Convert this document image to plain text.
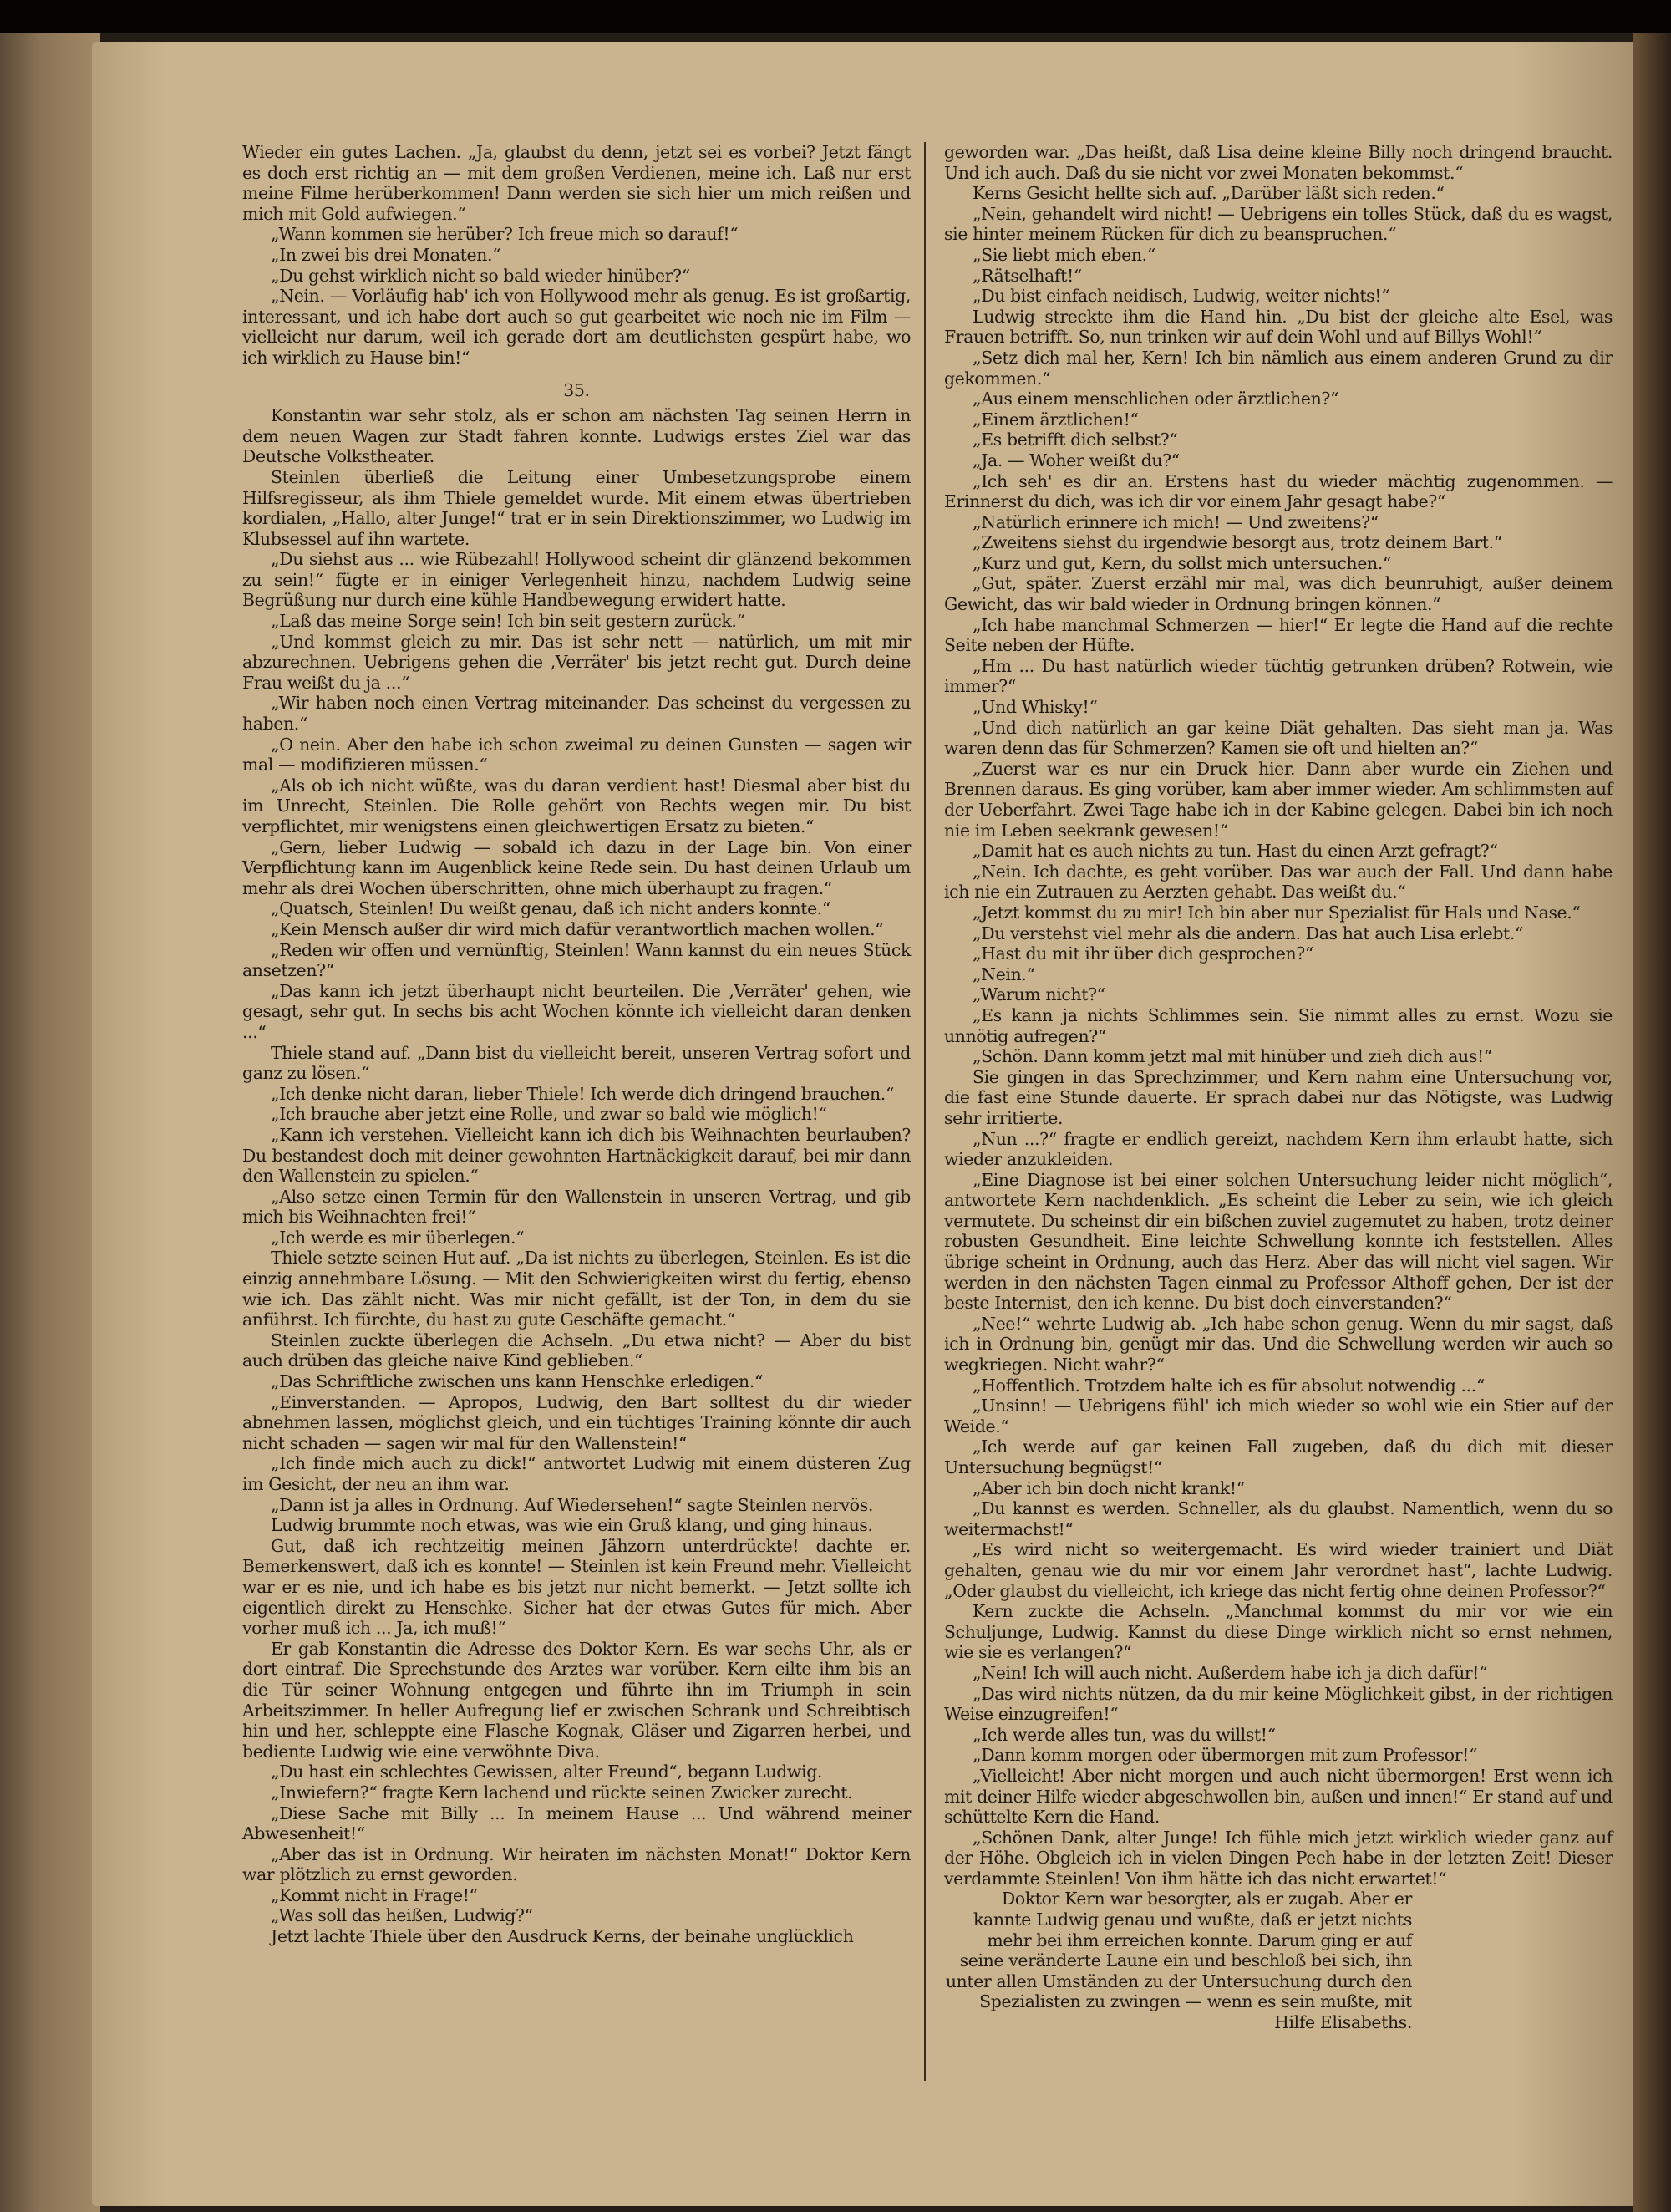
Wieder ein gutes Lachen. „Ja, glaubst du denn, jetzt sei es vorbei? Jetzt fängt es doch erst richtig an — mit dem großen Verdienen, meine ich. Laß nur erst meine Filme herüberkommen! Dann werden sie sich hier um mich reißen und mich mit Gold aufwiegen.“

„Wann kommen sie herüber? Ich freue mich so darauf!“

„In zwei bis drei Monaten.“

„Du gehst wirklich nicht so bald wieder hinüber?“

„Nein. — Vorläufig hab' ich von Hollywood mehr als genug. Es ist großartig, interessant, und ich habe dort auch so gut gearbeitet wie noch nie im Film — vielleicht nur darum, weil ich gerade dort am deutlichsten gespürt habe, wo ich wirklich zu Hause bin!“

35.

Konstantin war sehr stolz, als er schon am nächsten Tag seinen Herrn in dem neuen Wagen zur Stadt fahren konnte. Ludwigs erstes Ziel war das Deutsche Volkstheater.

Steinlen überließ die Leitung einer Umbesetzungsprobe einem Hilfsregisseur, als ihm Thiele gemeldet wurde. Mit einem etwas übertrieben kordialen, „Hallo, alter Junge!“ trat er in sein Direktionszimmer, wo Ludwig im Klubsessel auf ihn wartete.

„Du siehst aus ... wie Rübezahl! Hollywood scheint dir glänzend bekommen zu sein!“ fügte er in einiger Verlegenheit hinzu, nachdem Ludwig seine Begrüßung nur durch eine kühle Handbewegung erwidert hatte.

„Laß das meine Sorge sein! Ich bin seit gestern zurück.“

„Und kommst gleich zu mir. Das ist sehr nett — natürlich, um mit mir abzurechnen. Uebrigens gehen die ‚Verräter' bis jetzt recht gut. Durch deine Frau weißt du ja ...“

„Wir haben noch einen Vertrag miteinander. Das scheinst du vergessen zu haben.“

„O nein. Aber den habe ich schon zweimal zu deinen Gunsten — sagen wir mal — modifizieren müssen.“

„Als ob ich nicht wüßte, was du daran verdient hast! Diesmal aber bist du im Unrecht, Steinlen. Die Rolle gehört von Rechts wegen mir. Du bist verpflichtet, mir wenigstens einen gleichwertigen Ersatz zu bieten.“

„Gern, lieber Ludwig — sobald ich dazu in der Lage bin. Von einer Verpflichtung kann im Augenblick keine Rede sein. Du hast deinen Urlaub um mehr als drei Wochen überschritten, ohne mich überhaupt zu fragen.“

„Quatsch, Steinlen! Du weißt genau, daß ich nicht anders konnte.“

„Kein Mensch außer dir wird mich dafür verantwortlich machen wollen.“

„Reden wir offen und vernünftig, Steinlen! Wann kannst du ein neues Stück ansetzen?“

„Das kann ich jetzt überhaupt nicht beurteilen. Die ‚Verräter' gehen, wie gesagt, sehr gut. In sechs bis acht Wochen könnte ich vielleicht daran denken ...“

Thiele stand auf. „Dann bist du vielleicht bereit, unseren Vertrag sofort und ganz zu lösen.“

„Ich denke nicht daran, lieber Thiele! Ich werde dich dringend brauchen.“

„Ich brauche aber jetzt eine Rolle, und zwar so bald wie möglich!“

„Kann ich verstehen. Vielleicht kann ich dich bis Weihnachten beurlauben? Du bestandest doch mit deiner gewohnten Hartnäckigkeit darauf, bei mir dann den Wallenstein zu spielen.“

„Also setze einen Termin für den Wallenstein in unseren Vertrag, und gib mich bis Weihnachten frei!“

„Ich werde es mir überlegen.“

Thiele setzte seinen Hut auf. „Da ist nichts zu überlegen, Steinlen. Es ist die einzig annehmbare Lösung. — Mit den Schwierigkeiten wirst du fertig, ebenso wie ich. Das zählt nicht. Was mir nicht gefällt, ist der Ton, in dem du sie anführst. Ich fürchte, du hast zu gute Geschäfte gemacht.“

Steinlen zuckte überlegen die Achseln. „Du etwa nicht? — Aber du bist auch drüben das gleiche naive Kind geblieben.“

„Das Schriftliche zwischen uns kann Henschke erledigen.“

„Einverstanden. — Apropos, Ludwig, den Bart solltest du dir wieder abnehmen lassen, möglichst gleich, und ein tüchtiges Training könnte dir auch nicht schaden — sagen wir mal für den Wallenstein!“

„Ich finde mich auch zu dick!“ antwortet Ludwig mit einem düsteren Zug im Gesicht, der neu an ihm war.

„Dann ist ja alles in Ordnung. Auf Wiedersehen!“ sagte Steinlen nervös.

Ludwig brummte noch etwas, was wie ein Gruß klang, und ging hinaus.

Gut, daß ich rechtzeitig meinen Jähzorn unterdrückte! dachte er. Bemerkenswert, daß ich es konnte! — Steinlen ist kein Freund mehr. Vielleicht war er es nie, und ich habe es bis jetzt nur nicht bemerkt. — Jetzt sollte ich eigentlich direkt zu Henschke. Sicher hat der etwas Gutes für mich. Aber vorher muß ich ... Ja, ich muß!“

Er gab Konstantin die Adresse des Doktor Kern. Es war sechs Uhr, als er dort eintraf. Die Sprechstunde des Arztes war vorüber. Kern eilte ihm bis an die Tür seiner Wohnung entgegen und führte ihn im Triumph in sein Arbeitszimmer. In heller Aufregung lief er zwischen Schrank und Schreibtisch hin und her, schleppte eine Flasche Kognak, Gläser und Zigarren herbei, und bediente Ludwig wie eine verwöhnte Diva.

„Du hast ein schlechtes Gewissen, alter Freund“, begann Ludwig.

„Inwiefern?“ fragte Kern lachend und rückte seinen Zwicker zurecht.

„Diese Sache mit Billy ... In meinem Hause ... Und während meiner Abwesenheit!“

„Aber das ist in Ordnung. Wir heiraten im nächsten Monat!“ Doktor Kern war plötzlich zu ernst geworden.

„Kommt nicht in Frage!“

„Was soll das heißen, Ludwig?“

Jetzt lachte Thiele über den Ausdruck Kerns, der beinahe unglücklich

geworden war. „Das heißt, daß Lisa deine kleine Billy noch dringend braucht. Und ich auch. Daß du sie nicht vor zwei Monaten bekommst.“

Kerns Gesicht hellte sich auf. „Darüber läßt sich reden.“

„Nein, gehandelt wird nicht! — Uebrigens ein tolles Stück, daß du es wagst, sie hinter meinem Rücken für dich zu beanspruchen.“

„Sie liebt mich eben.“

„Rätselhaft!“

„Du bist einfach neidisch, Ludwig, weiter nichts!“

Ludwig streckte ihm die Hand hin. „Du bist der gleiche alte Esel, was Frauen betrifft. So, nun trinken wir auf dein Wohl und auf Billys Wohl!“

„Setz dich mal her, Kern! Ich bin nämlich aus einem anderen Grund zu dir gekommen.“

„Aus einem menschlichen oder ärztlichen?“

„Einem ärztlichen!“

„Es betrifft dich selbst?“

„Ja. — Woher weißt du?“

„Ich seh' es dir an. Erstens hast du wieder mächtig zugenommen. — Erinnerst du dich, was ich dir vor einem Jahr gesagt habe?“

„Natürlich erinnere ich mich! — Und zweitens?“

„Zweitens siehst du irgendwie besorgt aus, trotz deinem Bart.“

„Kurz und gut, Kern, du sollst mich untersuchen.“

„Gut, später. Zuerst erzähl mir mal, was dich beunruhigt, außer deinem Gewicht, das wir bald wieder in Ordnung bringen können.“

„Ich habe manchmal Schmerzen — hier!“ Er legte die Hand auf die rechte Seite neben der Hüfte.

„Hm ... Du hast natürlich wieder tüchtig getrunken drüben? Rotwein, wie immer?“

„Und Whisky!“

„Und dich natürlich an gar keine Diät gehalten. Das sieht man ja. Was waren denn das für Schmerzen? Kamen sie oft und hielten an?“

„Zuerst war es nur ein Druck hier. Dann aber wurde ein Ziehen und Brennen daraus. Es ging vorüber, kam aber immer wieder. Am schlimmsten auf der Ueberfahrt. Zwei Tage habe ich in der Kabine gelegen. Dabei bin ich noch nie im Leben seekrank gewesen!“

„Damit hat es auch nichts zu tun. Hast du einen Arzt gefragt?“

„Nein. Ich dachte, es geht vorüber. Das war auch der Fall. Und dann habe ich nie ein Zutrauen zu Aerzten gehabt. Das weißt du.“

„Jetzt kommst du zu mir! Ich bin aber nur Spezialist für Hals und Nase.“

„Du verstehst viel mehr als die andern. Das hat auch Lisa erlebt.“

„Hast du mit ihr über dich gesprochen?“

„Nein.“

„Warum nicht?“

„Es kann ja nichts Schlimmes sein. Sie nimmt alles zu ernst. Wozu sie unnötig aufregen?“

„Schön. Dann komm jetzt mal mit hinüber und zieh dich aus!“

Sie gingen in das Sprechzimmer, und Kern nahm eine Untersuchung vor, die fast eine Stunde dauerte. Er sprach dabei nur das Nötigste, was Ludwig sehr irritierte.

„Nun ...?“ fragte er endlich gereizt, nachdem Kern ihm erlaubt hatte, sich wieder anzukleiden.

„Eine Diagnose ist bei einer solchen Untersuchung leider nicht möglich“, antwortete Kern nachdenklich. „Es scheint die Leber zu sein, wie ich gleich vermutete. Du scheinst dir ein bißchen zuviel zugemutet zu haben, trotz deiner robusten Gesundheit. Eine leichte Schwellung konnte ich feststellen. Alles übrige scheint in Ordnung, auch das Herz. Aber das will nicht viel sagen. Wir werden in den nächsten Tagen einmal zu Professor Althoff gehen, Der ist der beste Internist, den ich kenne. Du bist doch einverstanden?“

„Nee!“ wehrte Ludwig ab. „Ich habe schon genug. Wenn du mir sagst, daß ich in Ordnung bin, genügt mir das. Und die Schwellung werden wir auch so wegkriegen. Nicht wahr?“

„Hoffentlich. Trotzdem halte ich es für absolut notwendig ...“

„Unsinn! — Uebrigens fühl' ich mich wieder so wohl wie ein Stier auf der Weide.“

„Ich werde auf gar keinen Fall zugeben, daß du dich mit dieser Untersuchung begnügst!“

„Aber ich bin doch nicht krank!“

„Du kannst es werden. Schneller, als du glaubst. Namentlich, wenn du so weitermachst!“

„Es wird nicht so weitergemacht. Es wird wieder trainiert und Diät gehalten, genau wie du mir vor einem Jahr verordnet hast“, lachte Ludwig. „Oder glaubst du vielleicht, ich kriege das nicht fertig ohne deinen Professor?“

Kern zuckte die Achseln. „Manchmal kommst du mir vor wie ein Schuljunge, Ludwig. Kannst du diese Dinge wirklich nicht so ernst nehmen, wie sie es verlangen?“

„Nein! Ich will auch nicht. Außerdem habe ich ja dich dafür!“

„Das wird nichts nützen, da du mir keine Möglichkeit gibst, in der richtigen Weise einzugreifen!“

„Ich werde alles tun, was du willst!“

„Dann komm morgen oder übermorgen mit zum Professor!“

„Vielleicht! Aber nicht morgen und auch nicht übermorgen! Erst wenn ich mit deiner Hilfe wieder abgeschwollen bin, außen und innen!“ Er stand auf und schüttelte Kern die Hand.

„Schönen Dank, alter Junge! Ich fühle mich jetzt wirklich wieder ganz auf der Höhe. Obgleich ich in vielen Dingen Pech habe in der letzten Zeit! Dieser verdammte Steinlen! Von ihm hätte ich das nicht erwartet!“

Doktor Kern war besorgter, als er zugab. Aber er kannte Ludwig genau und wußte, daß er jetzt nichts mehr bei ihm erreichen konnte. Darum ging er auf seine veränderte Laune ein und beschloß bei sich, ihn unter allen Umständen zu der Untersuchung durch den Spezialisten zu zwingen — wenn es sein mußte, mit Hilfe Elisabeths.
